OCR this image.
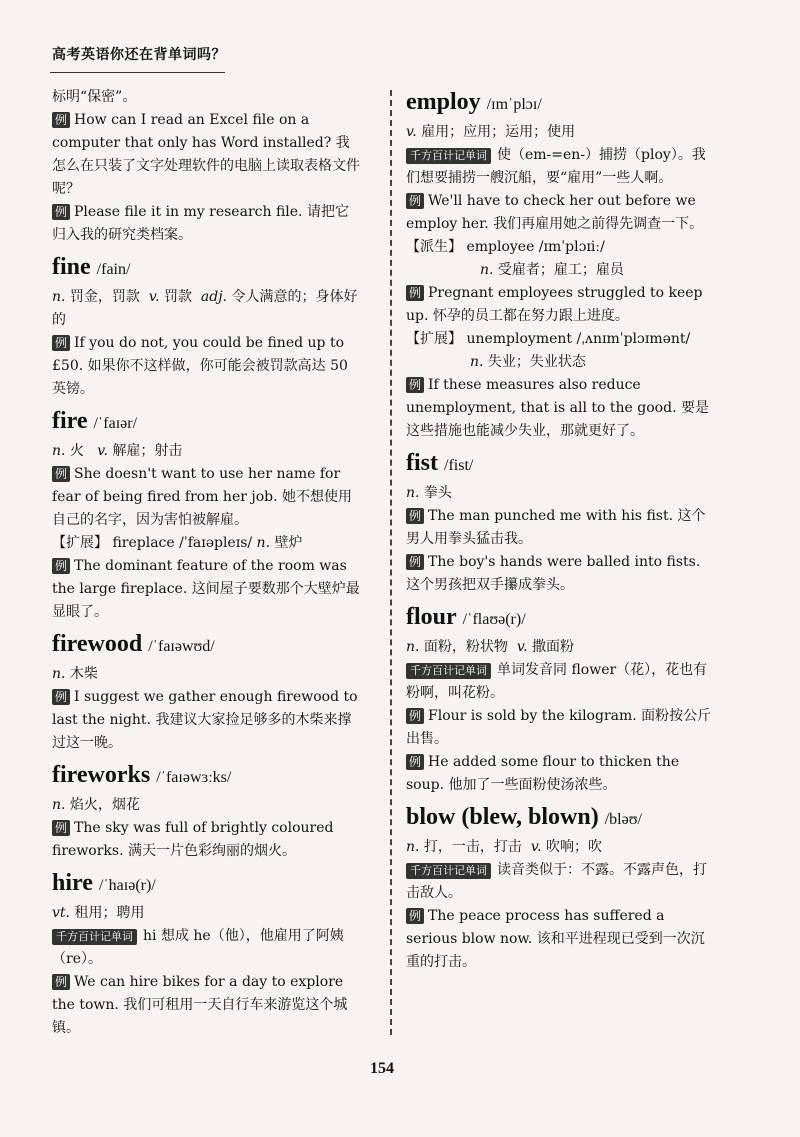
高考英语你还在背单词吗？

标明“保密”。

例 How can I read an Excel file on a computer that only has Word installed? 我怎么在只装了文字处理软件的电脑上读取表格文件呢？

例 Please file it in my research file. 请把它归入我的研究类档案。

fine /fain/

n. 罚金，罚款 v. 罚款 adj. 令人满意的；身体好的

例 If you do not, you could be fined up to £50. 如果你不这样做，你可能会被罚款高达 50 英镑。

fire /ˈfaɪər/

n. 火 v. 解雇；射击

例 She doesn't want to use her name for fear of being fired from her job. 她不想使用自己的名字，因为害怕被解雇。

【扩展】 fireplace /ˈfaɪəpleɪs/ n. 壁炉

例 The dominant feature of the room was the large fireplace. 这间屋子要数那个大壁炉最显眼了。

firewood /ˈfaɪəwʊd/

n. 木柴

例 I suggest we gather enough firewood to last the night. 我建议大家捡足够多的木柴来撑过这一晚。

fireworks /ˈfaɪəwɜːks/

n. 焰火，烟花

例 The sky was full of brightly coloured fireworks. 满天一片色彩绚丽的烟火。

hire /ˈhaɪə(r)/

vt. 租用；聘用

千方百计记单词 hi 想成 he（他），他雇用了阿姨（re）。

例 We can hire bikes for a day to explore the town. 我们可租用一天自行车来游览这个城镇。

employ /ɪmˈplɔɪ/

v. 雇用；应用；运用；使用

千方百计记单词 使（em-=en-）捕捞（ploy）。我们想要捕捞一艘沉船，要“雇用”一些人啊。

例 We'll have to check her out before we employ her. 我们再雇用她之前得先调查一下。

【派生】 employee /ɪmˈplɔɪiː/

n. 受雇者；雇工；雇员

例 Pregnant employees struggled to keep up. 怀孕的员工都在努力跟上进度。

【扩展】 unemployment /ˌʌnɪmˈplɔɪmənt/

n. 失业；失业状态

例 If these measures also reduce unemployment, that is all to the good. 要是这些措施也能减少失业，那就更好了。

fist /fist/

n. 拳头

例 The man punched me with his fist. 这个男人用拳头猛击我。

例 The boy's hands were balled into fists. 这个男孩把双手攥成拳头。

flour /ˈflaʊə(r)/

n. 面粉，粉状物 v. 撒面粉

千方百计记单词 单词发音同 flower（花），花也有粉啊，叫花粉。

例 Flour is sold by the kilogram. 面粉按公斤出售。

例 He added some flour to thicken the soup. 他加了一些面粉使汤浓些。

blow (blew, blown) /bləʊ/

n. 打，一击，打击 v. 吹响；吹

千方百计记单词 读音类似于：不露。不露声色，打击敌人。

例 The peace process has suffered a serious blow now. 该和平进程现已受到一次沉重的打击。

154
